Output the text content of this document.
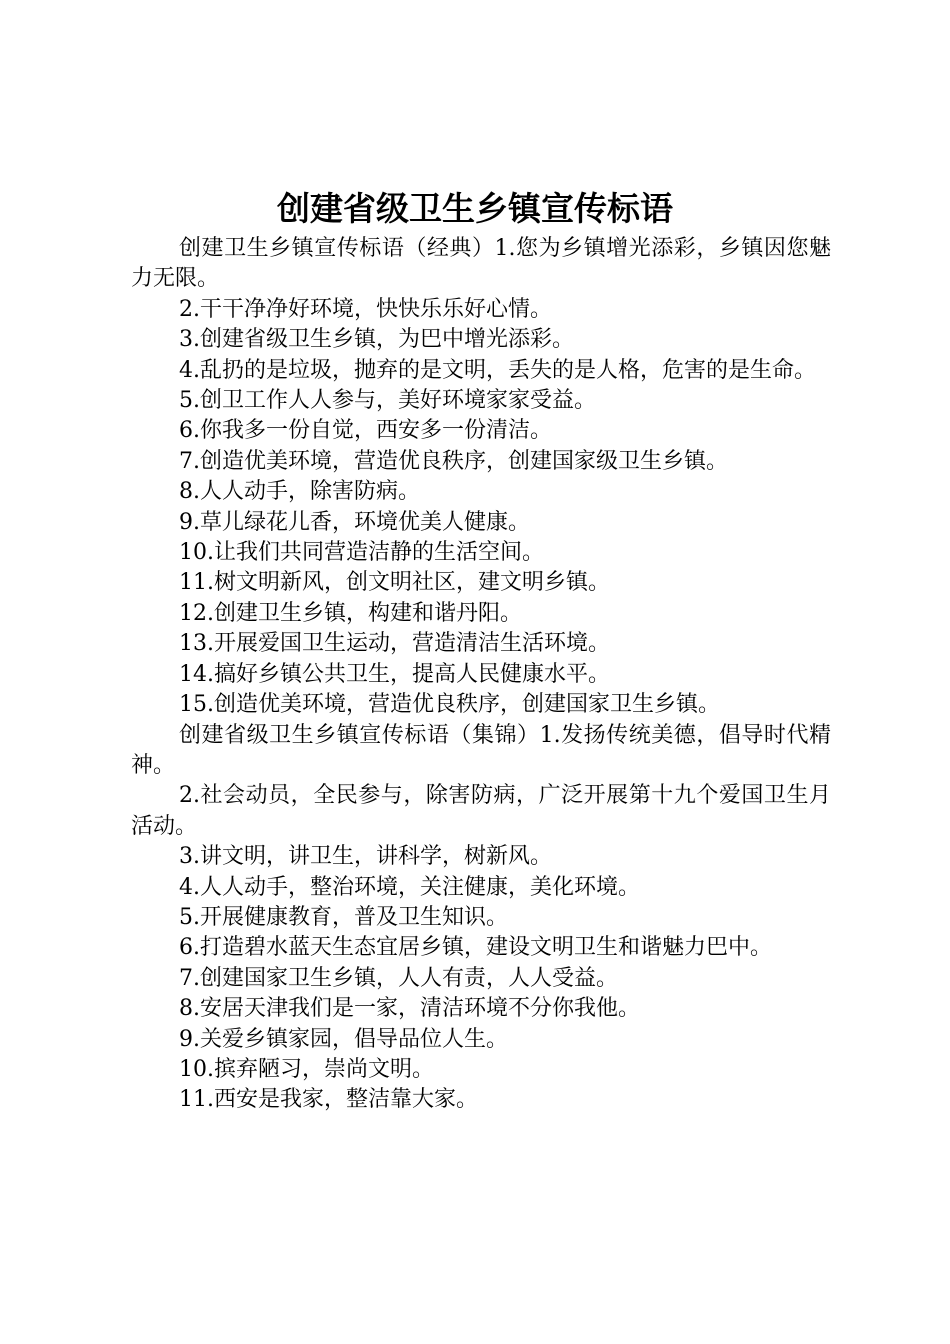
创建省级卫生乡镇宣传标语

创建卫生乡镇宣传标语（经典）1.您为乡镇增光添彩，乡镇因您魅力无限。

2.干干净净好环境，快快乐乐好心情。

3.创建省级卫生乡镇，为巴中增光添彩。

4.乱扔的是垃圾，抛弃的是文明，丢失的是人格，危害的是生命。

5.创卫工作人人参与，美好环境家家受益。

6.你我多一份自觉，西安多一份清洁。

7.创造优美环境，营造优良秩序，创建国家级卫生乡镇。

8.人人动手，除害防病。

9.草儿绿花儿香，环境优美人健康。

10.让我们共同营造洁静的生活空间。

11.树文明新风，创文明社区，建文明乡镇。

12.创建卫生乡镇，构建和谐丹阳。

13.开展爱国卫生运动，营造清洁生活环境。

14.搞好乡镇公共卫生，提高人民健康水平。

15.创造优美环境，营造优良秩序，创建国家卫生乡镇。

创建省级卫生乡镇宣传标语（集锦）1.发扬传统美德，倡导时代精神。

2.社会动员，全民参与，除害防病，广泛开展第十九个爱国卫生月活动。

3.讲文明，讲卫生，讲科学，树新风。

4.人人动手，整治环境，关注健康，美化环境。

5.开展健康教育，普及卫生知识。

6.打造碧水蓝天生态宜居乡镇，建设文明卫生和谐魅力巴中。

7.创建国家卫生乡镇，人人有责，人人受益。

8.安居天津我们是一家，清洁环境不分你我他。

9.关爱乡镇家园，倡导品位人生。

10.摈弃陋习，崇尚文明。

11.西安是我家，整洁靠大家。
